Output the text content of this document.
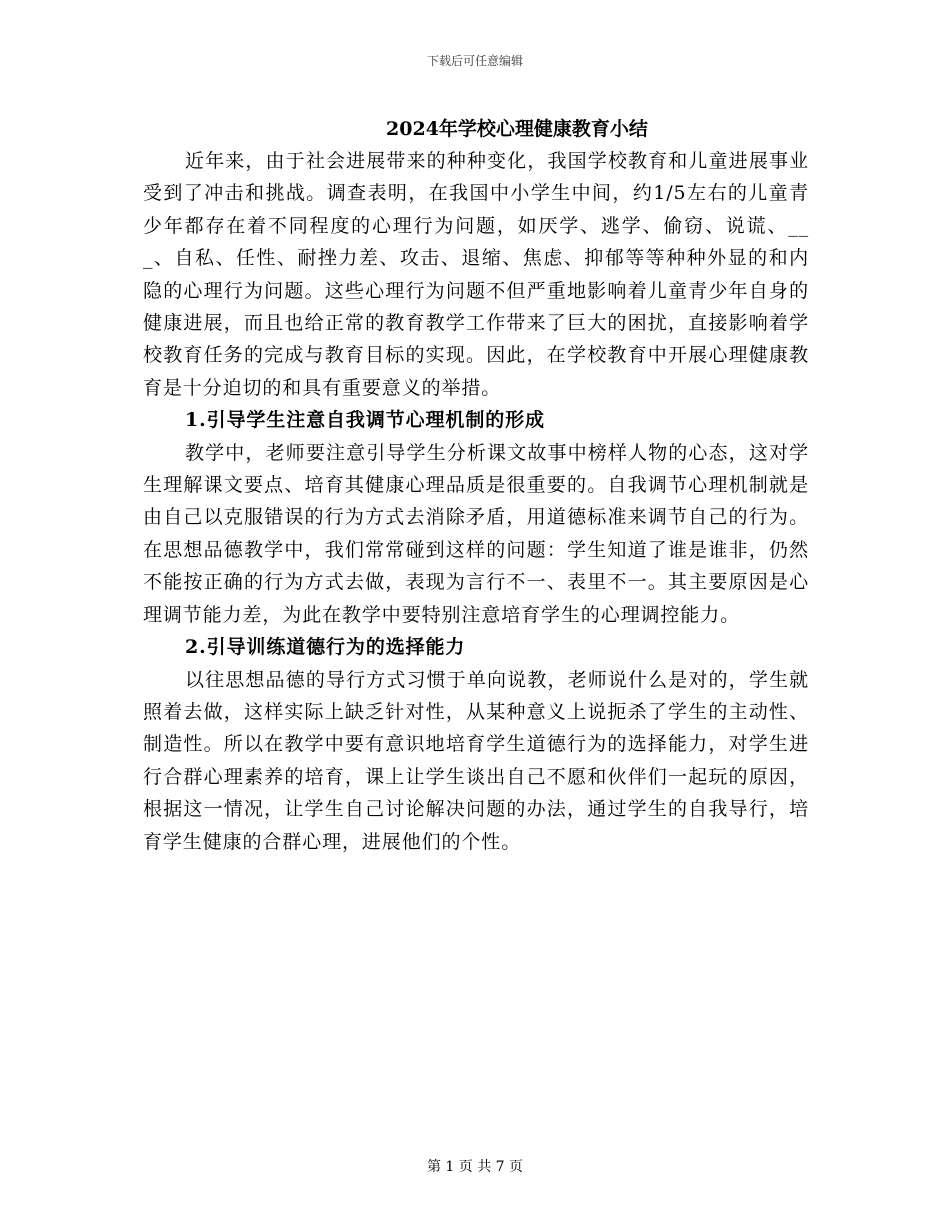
下载后可任意编辑
2024年学校心理健康教育小结

近年来，由于社会进展带来的种种变化，我国学校教育和儿童进展事业受到了冲击和挑战。调查表明，在我国中小学生中间，约1/5左右的儿童青少年都存在着不同程度的心理行为问题，如厌学、逃学、偷窃、说谎、___、自私、任性、耐挫力差、攻击、退缩、焦虑、抑郁等等种种外显的和内隐的心理行为问题。这些心理行为问题不但严重地影响着儿童青少年自身的健康进展，而且也给正常的教育教学工作带来了巨大的困扰，直接影响着学校教育任务的完成与教育目标的实现。因此，在学校教育中开展心理健康教育是十分迫切的和具有重要意义的举措。

1.引导学生注意自我调节心理机制的形成

教学中，老师要注意引导学生分析课文故事中榜样人物的心态，这对学生理解课文要点、培育其健康心理品质是很重要的。自我调节心理机制就是由自己以克服错误的行为方式去消除矛盾，用道德标准来调节自己的行为。在思想品德教学中，我们常常碰到这样的问题：学生知道了谁是谁非，仍然不能按正确的行为方式去做，表现为言行不一、表里不一。其主要原因是心理调节能力差，为此在教学中要特别注意培育学生的心理调控能力。

2.引导训练道德行为的选择能力

以往思想品德的导行方式习惯于单向说教，老师说什么是对的，学生就照着去做，这样实际上缺乏针对性，从某种意义上说扼杀了学生的主动性、制造性。所以在教学中要有意识地培育学生道德行为的选择能力，对学生进行合群心理素养的培育，课上让学生谈出自己不愿和伙伴们一起玩的原因，根据这一情况，让学生自己讨论解决问题的办法，通过学生的自我导行，培育学生健康的合群心理，进展他们的个性。

第 1 页 共 7 页
